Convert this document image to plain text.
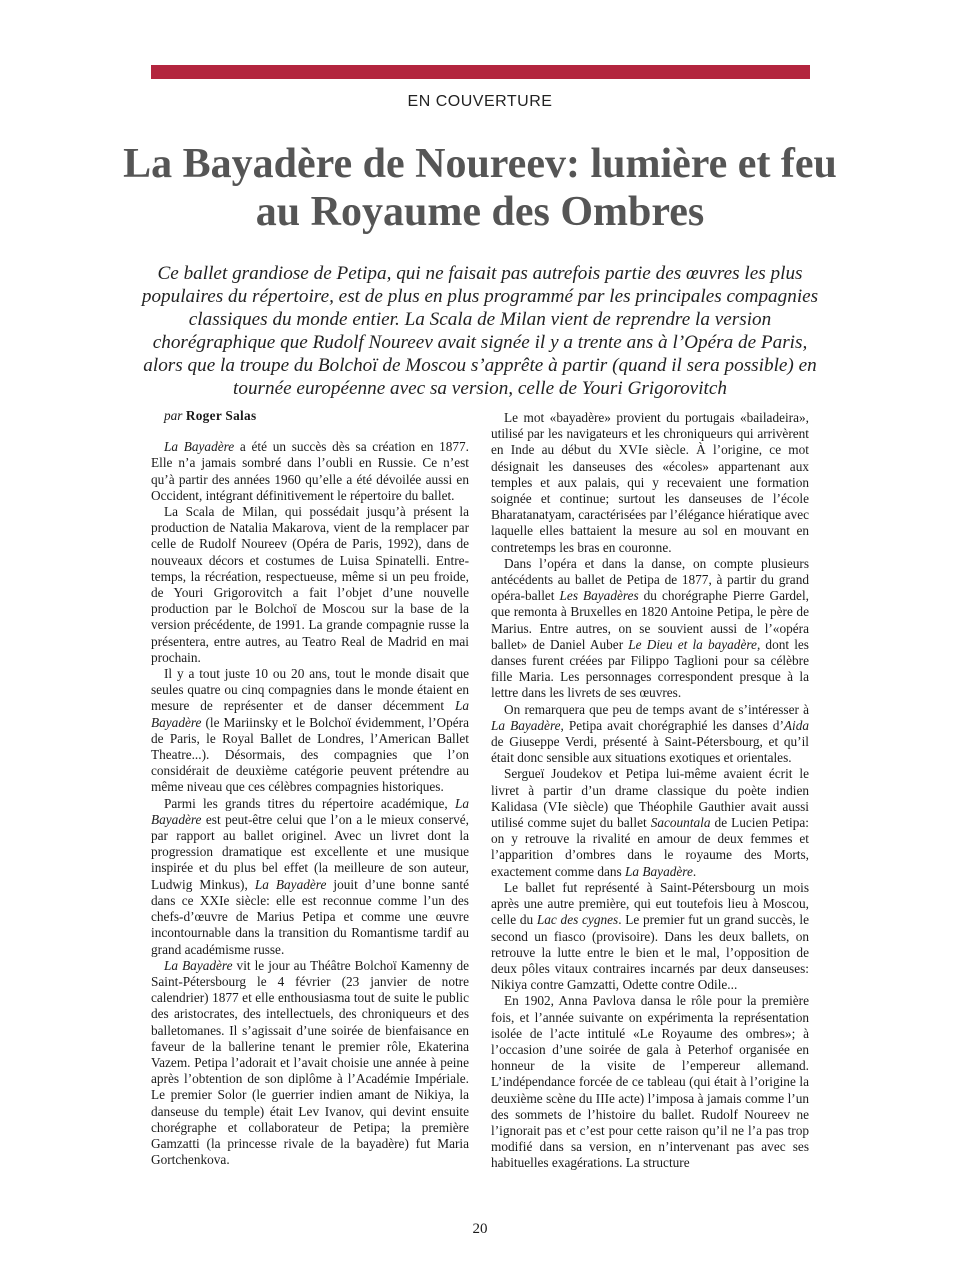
EN COUVERTURE
La Bayadère de Noureev: lumière et feu au Royaume des Ombres

Ce ballet grandiose de Petipa, qui ne faisait pas autrefois partie des œuvres les plus populaires du répertoire, est de plus en plus programmé par les principales compagnies classiques du monde entier. La Scala de Milan vient de reprendre la version chorégraphique que Rudolf Noureev avait signée il y a trente ans à l’Opéra de Paris, alors que la troupe du Bolchoï de Moscou s’apprête à partir (quand il sera possible) en tournée européenne avec sa version, celle de Youri Grigorovitch

par Roger Salas

La Bayadère a été un succès dès sa création en 1877. Elle n’a jamais sombré dans l’oubli en Russie. Ce n’est qu’à partir des années 1960 qu’elle a été dévoilée aussi en Occident, intégrant définitivement le répertoire du ballet.

La Scala de Milan, qui possédait jusqu’à présent la production de Natalia Makarova, vient de la remplacer par celle de Rudolf Noureev (Opéra de Paris, 1992), dans de nouveaux décors et costumes de Luisa Spinatelli. Entre-temps, la récréation, respectueuse, même si un peu froide, de Youri Grigorovitch a fait l’objet d’une nouvelle production par le Bolchoï de Moscou sur la base de la version précédente, de 1991. La grande compagnie russe la présentera, entre autres, au Teatro Real de Madrid en mai prochain.

Il y a tout juste 10 ou 20 ans, tout le monde disait que seules quatre ou cinq compagnies dans le monde étaient en mesure de représenter et de danser décemment La Bayadère (le Mariinsky et le Bolchoï évidemment, l’Opéra de Paris, le Royal Ballet de Londres, l’American Ballet Theatre...). Désormais, des compagnies que l’on considérait de deuxième catégorie peuvent prétendre au même niveau que ces célèbres compagnies historiques.

Parmi les grands titres du répertoire académique, La Bayadère est peut-être celui que l’on a le mieux conservé, par rapport au ballet originel. Avec un livret dont la progression dramatique est excellente et une musique inspirée et du plus bel effet (la meilleure de son auteur, Ludwig Minkus), La Bayadère jouit d’une bonne santé dans ce XXIe siècle: elle est reconnue comme l’un des chefs-d’œuvre de Marius Petipa et comme une œuvre incontournable dans la transition du Romantisme tardif au grand académisme russe.

La Bayadère vit le jour au Théâtre Bolchoï Kamenny de Saint-Pétersbourg le 4 février (23 janvier de notre calendrier) 1877 et elle enthousiasma tout de suite le public des aristocrates, des intellectuels, des chroniqueurs et des balletomanes. Il s’agissait d’une soirée de bienfaisance en faveur de la ballerine tenant le premier rôle, Ekaterina Vazem. Petipa l’adorait et l’avait choisie une année à peine après l’obtention de son diplôme à l’Académie Impériale. Le premier Solor (le guerrier indien amant de Nikiya, la danseuse du temple) était Lev Ivanov, qui devint ensuite chorégraphe et collaborateur de Petipa; la première Gamzatti (la princesse rivale de la bayadère) fut Maria Gortchenkova.

Le mot «bayadère» provient du portugais «bailadeira», utilisé par les navigateurs et les chroniqueurs qui arrivèrent en Inde au début du XVIe siècle. À l’origine, ce mot désignait les danseuses des «écoles» appartenant aux temples et aux palais, qui y recevaient une formation soignée et continue; surtout les danseuses de l’école Bharatanatyam, caractérisées par l’élégance hiératique avec laquelle elles battaient la mesure au sol en mouvant en contretemps les bras en couronne.

Dans l’opéra et dans la danse, on compte plusieurs antécédents au ballet de Petipa de 1877, à partir du grand opéra-ballet Les Bayadères du chorégraphe Pierre Gardel, que remonta à Bruxelles en 1820 Antoine Petipa, le père de Marius. Entre autres, on se souvient aussi de l’«opéra ballet» de Daniel Auber Le Dieu et la bayadère, dont les danses furent créées par Filippo Taglioni pour sa célèbre fille Maria. Les personnages correspondent presque à la lettre dans les livrets de ses œuvres.

On remarquera que peu de temps avant de s’intéresser à La Bayadère, Petipa avait chorégraphié les danses d’Aida de Giuseppe Verdi, présenté à Saint-Pétersbourg, et qu’il était donc sensible aux situations exotiques et orientales.

Sergueï Joudekov et Petipa lui-même avaient écrit le livret à partir d’un drame classique du poète indien Kalidasa (VIe siècle) que Théophile Gauthier avait aussi utilisé comme sujet du ballet Sacountala de Lucien Petipa: on y retrouve la rivalité en amour de deux femmes et l’apparition d’ombres dans le royaume des Morts, exactement comme dans La Bayadère.

Le ballet fut représenté à Saint-Pétersbourg un mois après une autre première, qui eut toutefois lieu à Moscou, celle du Lac des cygnes. Le premier fut un grand succès, le second un fiasco (provisoire). Dans les deux ballets, on retrouve la lutte entre le bien et le mal, l’opposition de deux pôles vitaux contraires incarnés par deux danseuses: Nikiya contre Gamzatti, Odette contre Odile...

En 1902, Anna Pavlova dansa le rôle pour la première fois, et l’année suivante on expérimenta la représentation isolée de l’acte intitulé «Le Royaume des ombres»; à l’occasion d’une soirée de gala à Peterhof organisée en honneur de la visite de l’empereur allemand. L’indépendance forcée de ce tableau (qui était à l’origine la deuxième scène du IIIe acte) l’imposa à jamais comme l’un des sommets de l’histoire du ballet. Rudolf Noureev ne l’ignorait pas et c’est pour cette raison qu’il ne l’a pas trop modifié dans sa version, en n’intervenant pas avec ses habituelles exagérations. La structure

20
